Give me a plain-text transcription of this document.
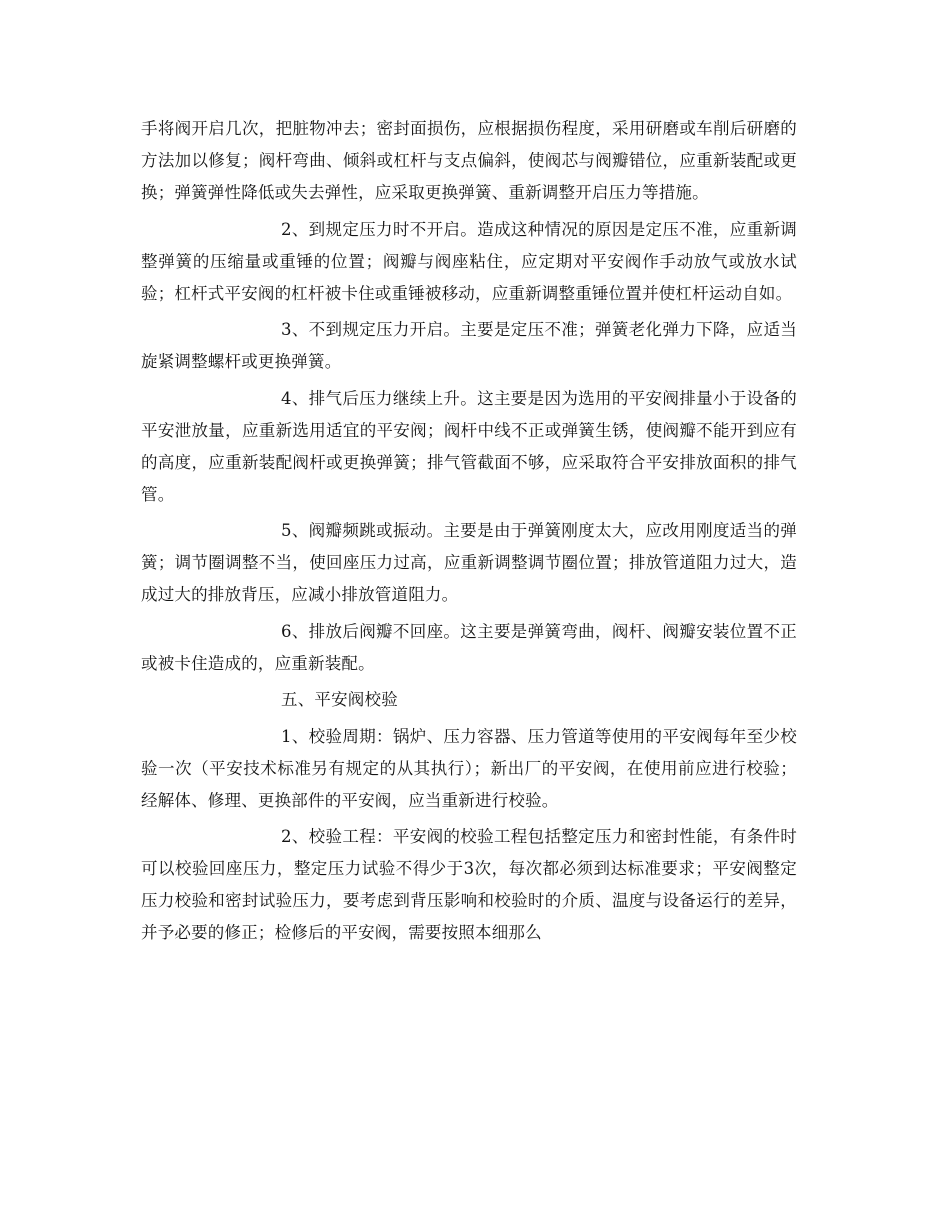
手将阀开启几次，把脏物冲去；密封面损伤，应根据损伤程度，采用研磨或车削后研磨的方法加以修复；阀杆弯曲、倾斜或杠杆与支点偏斜，使阀芯与阀瓣错位，应重新装配或更换；弹簧弹性降低或失去弹性，应采取更换弹簧、重新调整开启压力等措施。

2、到规定压力时不开启。造成这种情况的原因是定压不准，应重新调整弹簧的压缩量或重锤的位置；阀瓣与阀座粘住，应定期对平安阀作手动放气或放水试验；杠杆式平安阀的杠杆被卡住或重锤被移动，应重新调整重锤位置并使杠杆运动自如。

3、不到规定压力开启。主要是定压不准；弹簧老化弹力下降，应适当旋紧调整螺杆或更换弹簧。

4、排气后压力继续上升。这主要是因为选用的平安阀排量小于设备的平安泄放量，应重新选用适宜的平安阀；阀杆中线不正或弹簧生锈，使阀瓣不能开到应有的高度，应重新装配阀杆或更换弹簧；排气管截面不够，应采取符合平安排放面积的排气管。

5、阀瓣频跳或振动。主要是由于弹簧刚度太大，应改用刚度适当的弹簧；调节圈调整不当，使回座压力过高，应重新调整调节圈位置；排放管道阻力过大，造成过大的排放背压，应减小排放管道阻力。

6、排放后阀瓣不回座。这主要是弹簧弯曲，阀杆、阀瓣安装位置不正或被卡住造成的，应重新装配。

五、平安阀校验

1、校验周期：锅炉、压力容器、压力管道等使用的平安阀每年至少校验一次（平安技术标准另有规定的从其执行）；新出厂的平安阀，在使用前应进行校验；经解体、修理、更换部件的平安阀，应当重新进行校验。

2、校验工程：平安阀的校验工程包括整定压力和密封性能，有条件时可以校验回座压力，整定压力试验不得少于3次，每次都必须到达标准要求；平安阀整定压力校验和密封试验压力，要考虑到背压影响和校验时的介质、温度与设备运行的差异，并予必要的修正；检修后的平安阀，需要按照本细那么
